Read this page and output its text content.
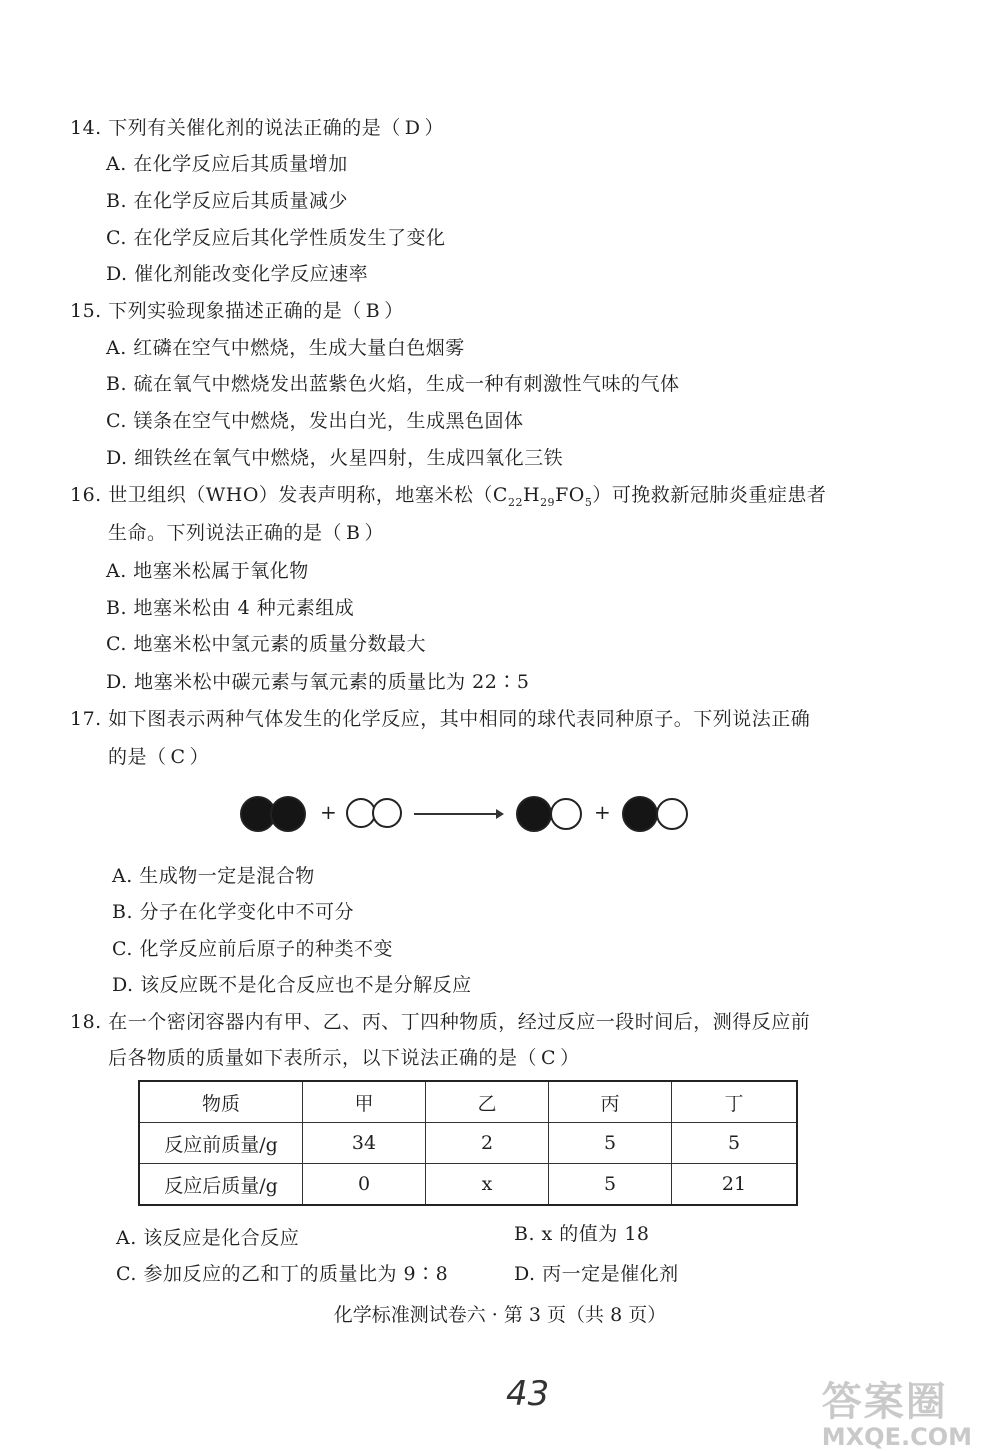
14. 下列有关催化剂的说法正确的是（ D ）
A. 在化学反应后其质量增加
B. 在化学反应后其质量减少
C. 在化学反应后其化学性质发生了变化
D. 催化剂能改变化学反应速率
15. 下列实验现象描述正确的是（ B ）
A. 红磷在空气中燃烧，生成大量白色烟雾
B. 硫在氧气中燃烧发出蓝紫色火焰，生成一种有刺激性气味的气体
C. 镁条在空气中燃烧，发出白光，生成黑色固体
D. 细铁丝在氧气中燃烧，火星四射，生成四氧化三铁
16. 世卫组织（WHO）发表声明称，地塞米松$(C_{22}H_{29}FO_5)$可挽救新冠肺炎重症患者
生命。下列说法正确的是（ B ）
A. 地塞米松属于氧化物
B. 地塞米松由 4 种元素组成
C. 地塞米松中氢元素的质量分数最大
D. 地塞米松中碳元素与氧元素的质量比为 22∶5
17. 如下图表示两种气体发生的化学反应，其中相同的球代表同种原子。下列说法正确
的是（ C ）
+	+
A. 生成物一定是混合物
B. 分子在化学变化中不可分
C. 化学反应前后原子的种类不变
D. 该反应既不是化合反应也不是分解反应
18. 在一个密闭容器内有甲、乙、丙、丁四种物质，经过反应一段时间后，测得反应前
后各物质的质量如下表所示，以下说法正确的是（ C ）
物质	甲	乙	丙	丁
反应前质量/g	34	2	5	5
反应后质量/g	0	x	5	21
A. 该反应是化合反应	B. x 的值为 18
C. 参加反应的乙和丁的质量比为 9∶8	D. 丙一定是催化剂
化学标准测试卷六 · 第 3 页（共 8 页）
43	答案圈
MXQE.COM
